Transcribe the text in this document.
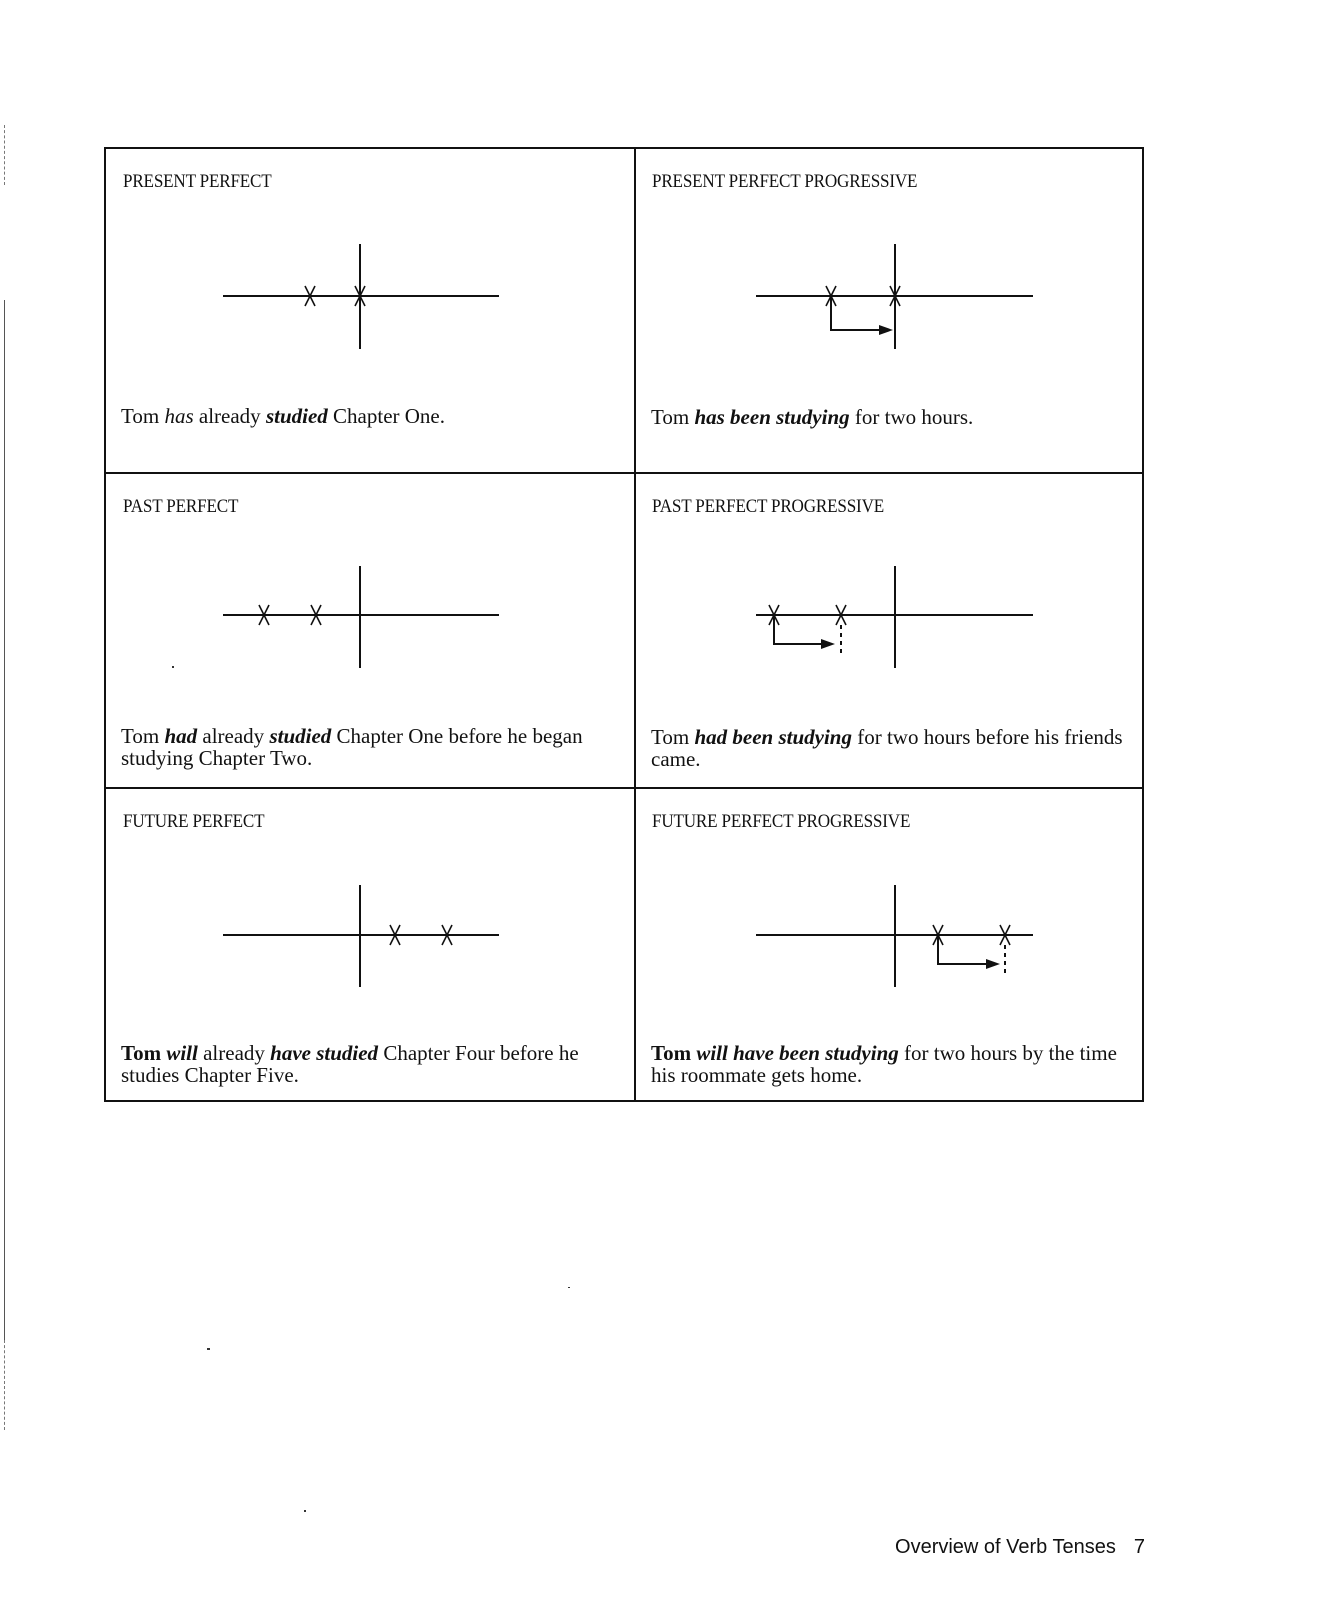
PRESENT PERFECT
Tom has already studied Chapter One.
PRESENT PERFECT PROGRESSIVE
Tom has been studying for two hours.
PAST PERFECT
Tom had already studied Chapter One before he began studying Chapter Two.
PAST PERFECT PROGRESSIVE
Tom had been studying for two hours before his friends came.
FUTURE PERFECT
Tom will already have studied Chapter Four before he studies Chapter Five.
FUTURE PERFECT PROGRESSIVE
Tom will have been studying for two hours by the time his roommate gets home.
Overview of Verb Tenses 7
